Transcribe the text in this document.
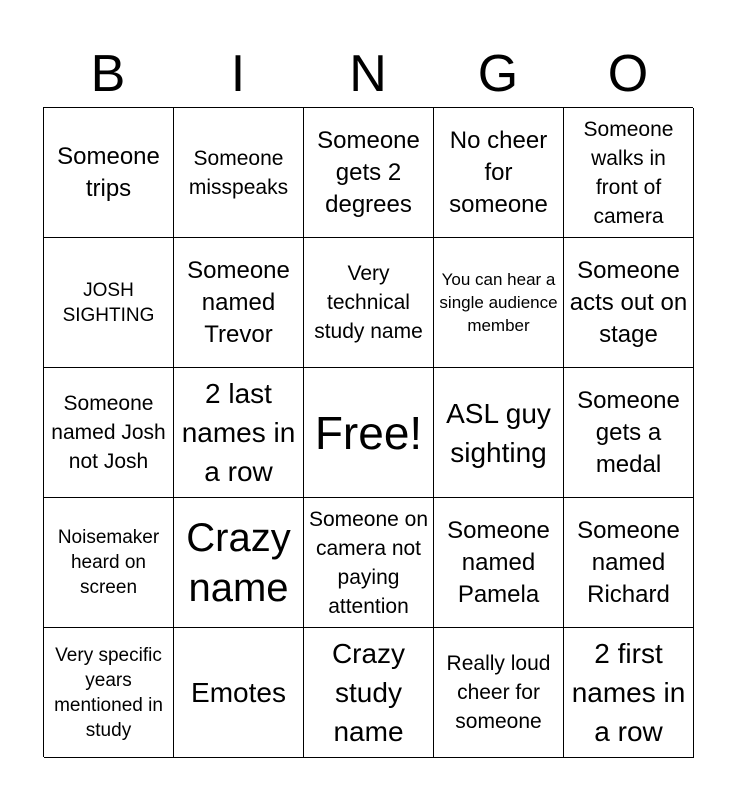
B	I	N	G	O
Someone trips
Someone misspeaks
Someone gets 2 degrees
No cheer for someone
Someone walks in front of camera
JOSH SIGHTING
Someone named Trevor
Very technical study name
You can hear a single audience member
Someone acts out on stage
Someone named Josh not Josh
2 last names in a row
Free! ASL guy sighting
Someone gets a medal
Noisemaker heard on screen
Crazy name
Someone on camera not paying attention
Someone named Pamela
Someone named Richard
Very specific years mentioned in study
Emotes
Crazy study name
Really loud cheer for someone
2 first names in a row
